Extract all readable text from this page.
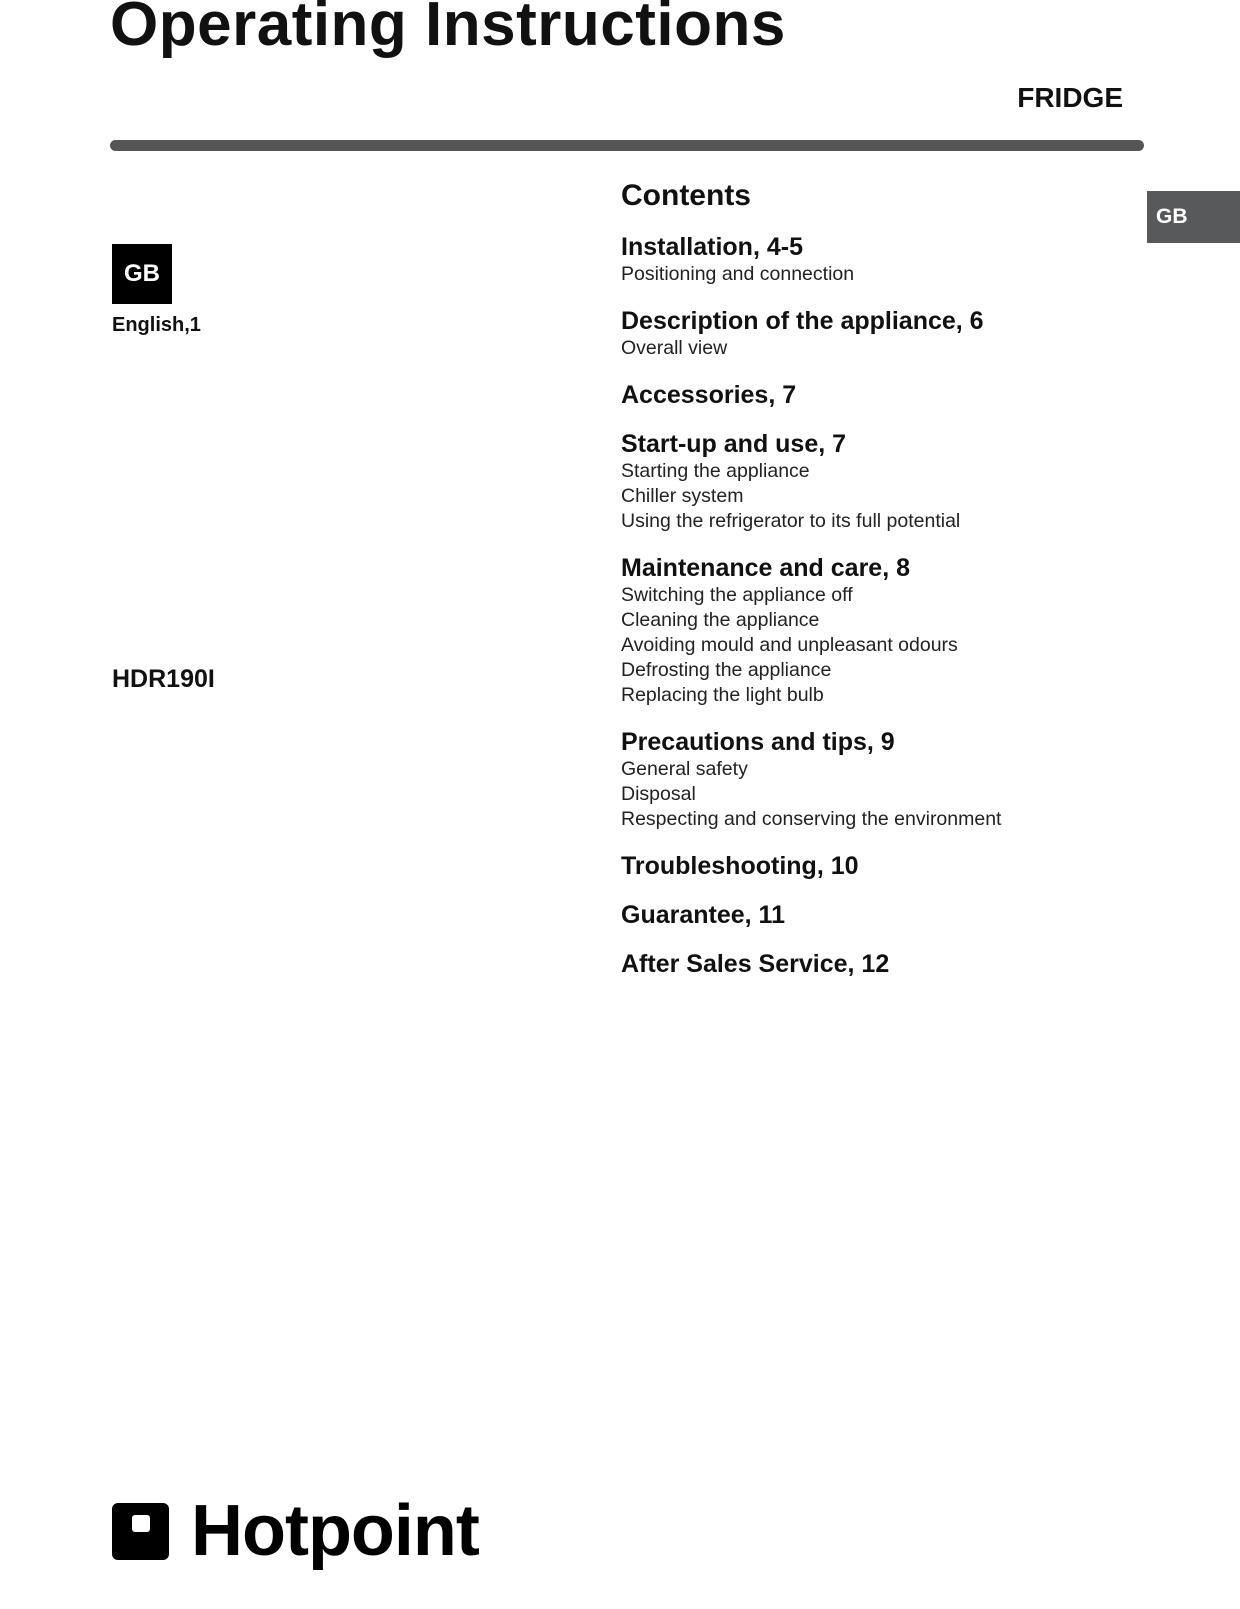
Operating Instructions
FRIDGE
GB
GB
English,1
HDR190I
Contents
Installation, 4-5
Positioning and connection
Description of the appliance, 6
Overall view
Accessories, 7
Start-up and use, 7
Starting the appliance
Chiller system
Using the refrigerator to its full potential
Maintenance and care, 8
Switching the appliance off
Cleaning the appliance
Avoiding mould and unpleasant odours
Defrosting the appliance
Replacing the light bulb
Precautions and tips, 9
General safety
Disposal
Respecting and conserving the environment
Troubleshooting, 10
Guarantee, 11
After Sales Service, 12
Hotpoint
